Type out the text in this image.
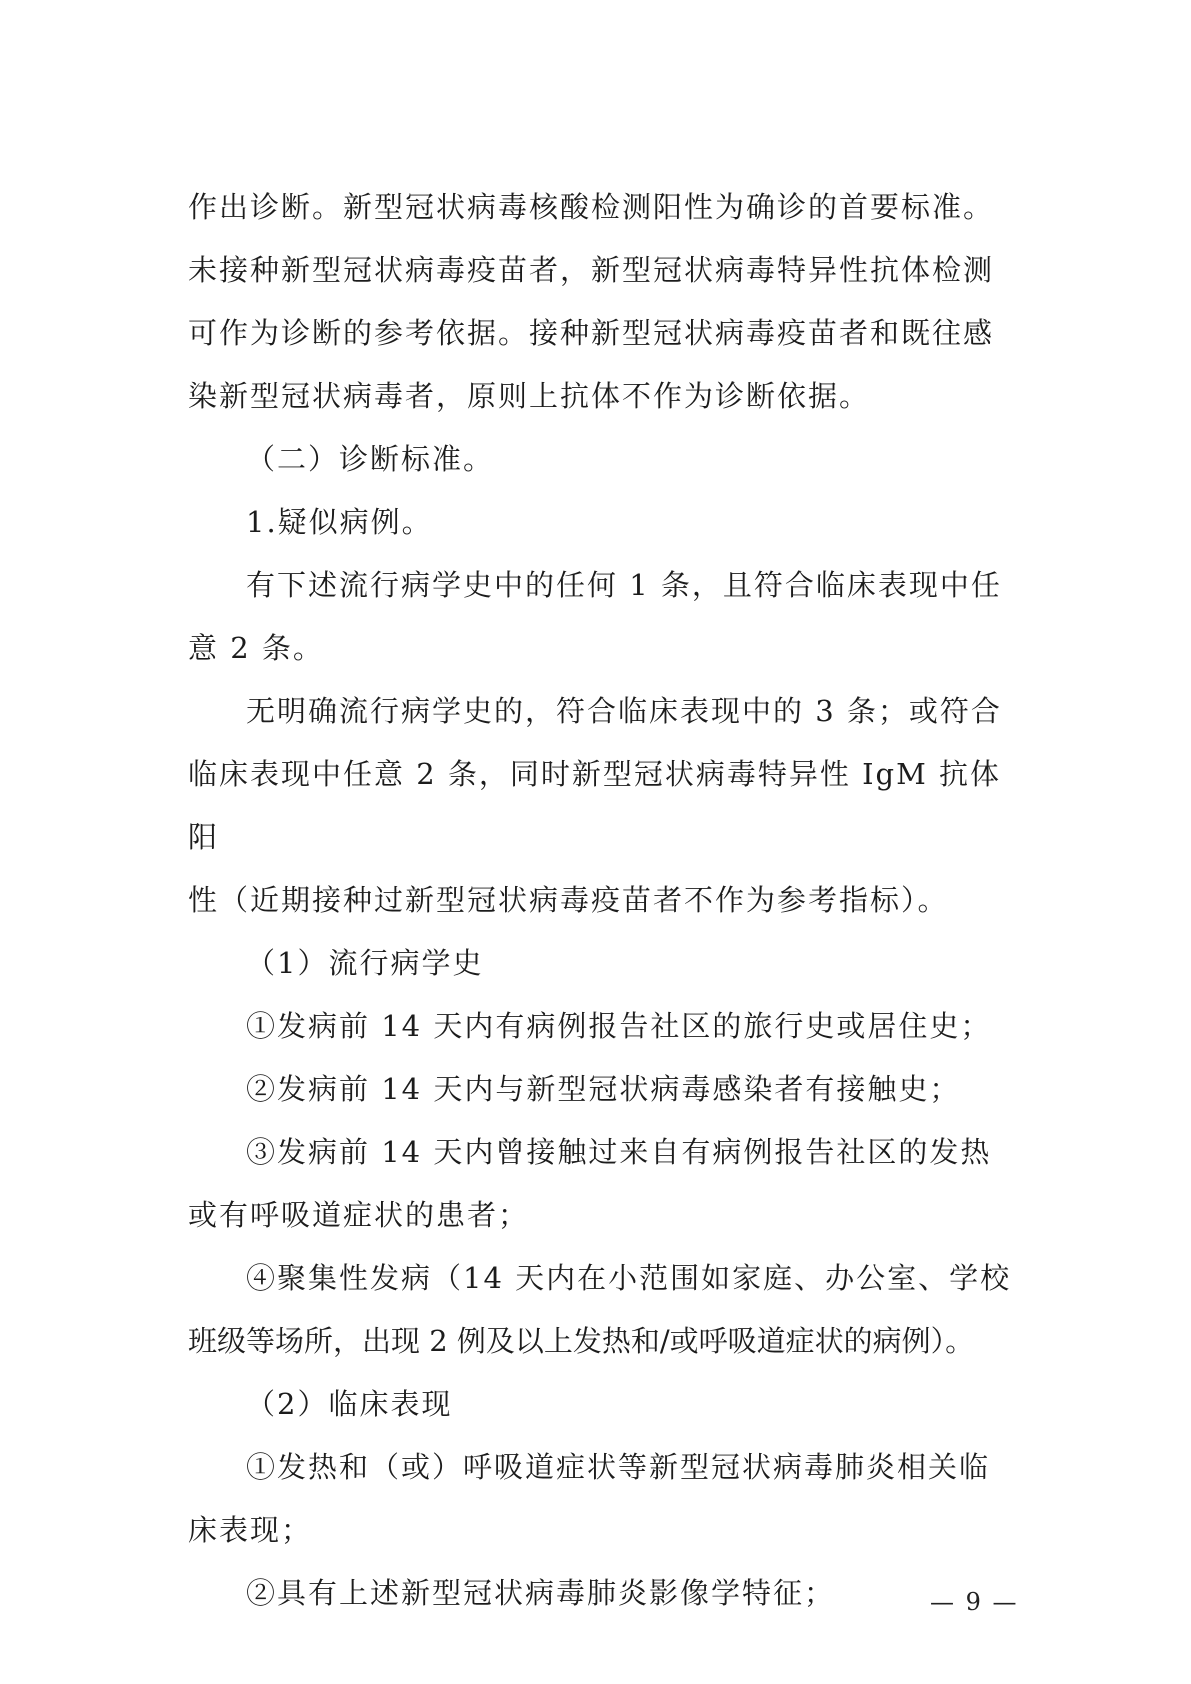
作出诊断。新型冠状病毒核酸检测阳性为确诊的首要标准。
未接种新型冠状病毒疫苗者，新型冠状病毒特异性抗体检测
可作为诊断的参考依据。接种新型冠状病毒疫苗者和既往感
染新型冠状病毒者，原则上抗体不作为诊断依据。
（二）诊断标准。
1.疑似病例。
有下述流行病学史中的任何 1 条，且符合临床表现中任
意 2 条。
无明确流行病学史的，符合临床表现中的 3 条；或符合
临床表现中任意 2 条，同时新型冠状病毒特异性 IgM 抗体阳
性（近期接种过新型冠状病毒疫苗者不作为参考指标）。
（1）流行病学史
①发病前 14 天内有病例报告社区的旅行史或居住史；
②发病前 14 天内与新型冠状病毒感染者有接触史；
③发病前 14 天内曾接触过来自有病例报告社区的发热
或有呼吸道症状的患者；
④聚集性发病（14 天内在小范围如家庭、办公室、学校
班级等场所，出现 2 例及以上发热和/或呼吸道症状的病例）。
（2）临床表现
①发热和（或）呼吸道症状等新型冠状病毒肺炎相关临
床表现；
②具有上述新型冠状病毒肺炎影像学特征；	— 9 —
